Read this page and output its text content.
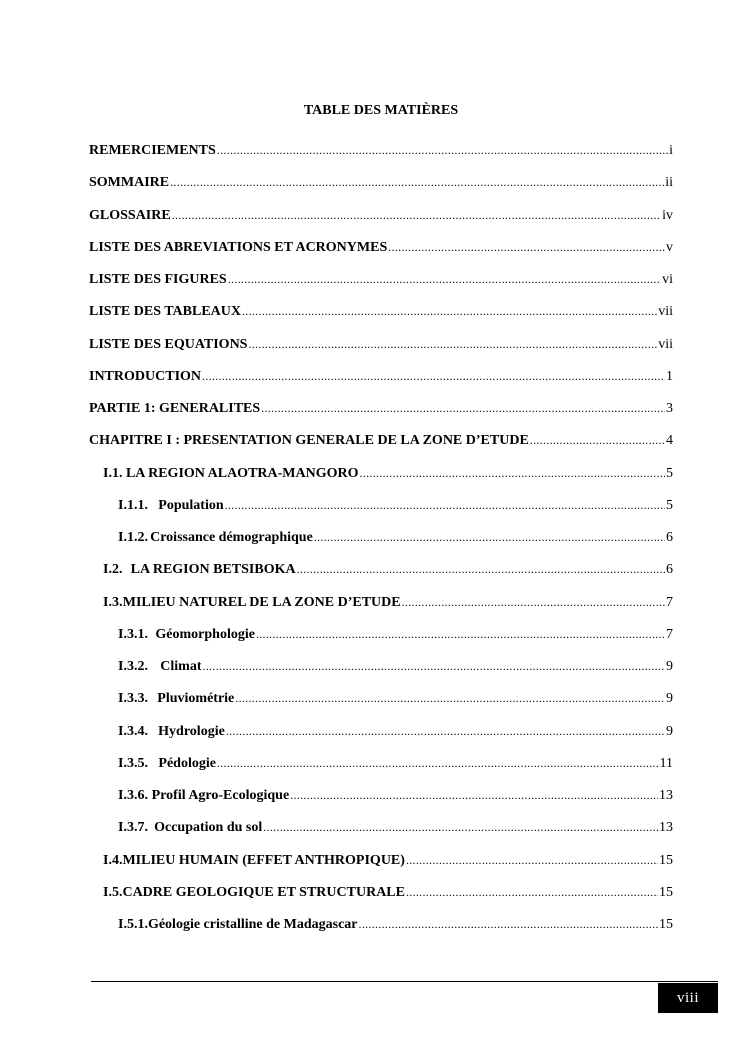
TABLE DES MATIÈRES
REMERCIEMENTS .....	i
SOMMAIRE .....	ii
GLOSSAIRE .....	iv
LISTE DES ABREVIATIONS ET ACRONYMES .....	v
LISTE DES FIGURES .....	vi
LISTE DES TABLEAUX .....	vii
LISTE DES EQUATIONS .....	vii
INTRODUCTION .....	1
PARTIE 1: GENERALITES .....	3
CHAPITRE I : PRESENTATION GENERALE DE LA ZONE D’ETUDE .....	4
I.1. LA REGION ALAOTRA-MANGORO .....	5
I.1.1. Population .....	5
I.1.2. Croissance démographique .....	6
I.2. LA REGION BETSIBOKA .....	6
I.3. MILIEU NATUREL DE LA ZONE D’ETUDE .....	7
I.3.1. Géomorphologie .....	7
I.3.2. Climat .....	9
I.3.3. Pluviométrie .....	9
I.3.4. Hydrologie .....	9
I.3.5. Pédologie .....	11
I.3.6. Profil Agro-Ecologique .....	13
I.3.7. Occupation du sol .....	13
I.4. MILIEU HUMAIN (EFFET ANTHROPIQUE) .....	15
I.5. CADRE GEOLOGIQUE ET STRUCTURALE .....	15
I.5.1. Géologie cristalline de Madagascar .....	15
viii
